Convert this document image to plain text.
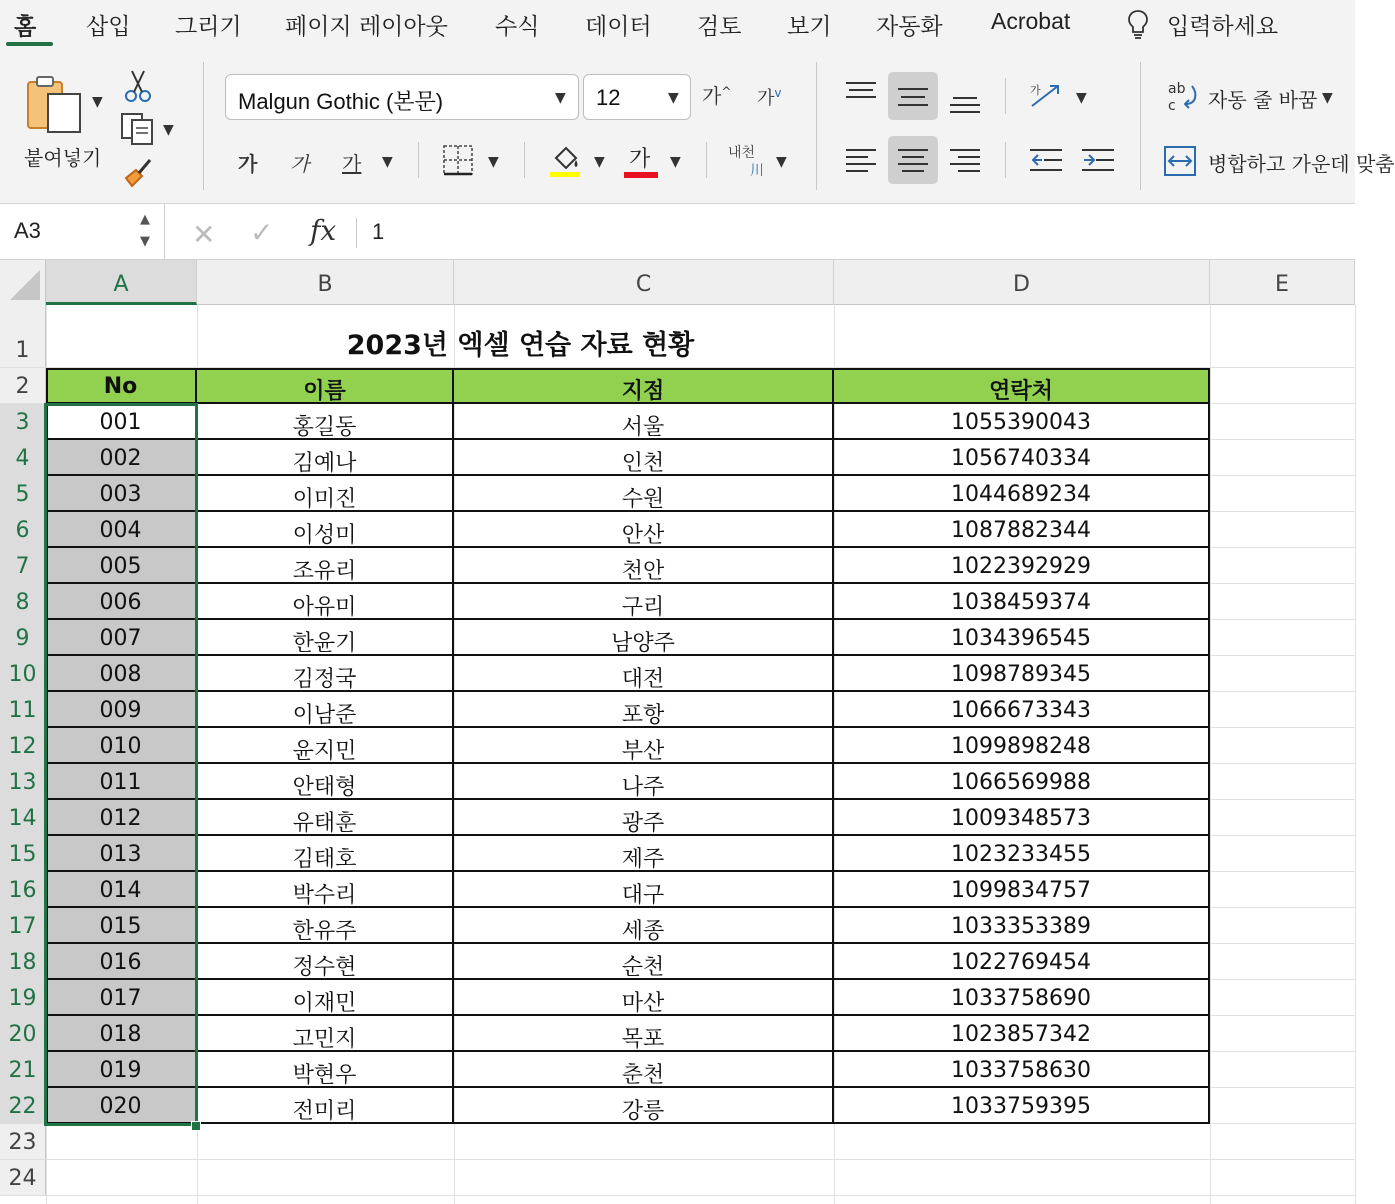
홈 삽입 그리기 페이지 레이아웃 수식 데이터 검토 보기 자동화 Acrobat	입력하세요
▼
붙여넣기
▼
Malgun Gothic (본문)	▼	12	▼ 가^ 가$^v$
가 가 가 ▼	▼	▼ 가 ▼
내천
川
▼
가	▼
ab
c 자동 줄 바꿈 ▼
병합하고 가운데 맞춤
A3	▲
▼ ✕ ✓ fx 1
A	B	C	D	E
1
2
3
4
5
6
7
8
9
10
11
12
13
14
15
16
17
18
19
20
21
22
23
24
2023년 엑셀 연습 자료 현황
No	이름	지점	연락처
001	홍길동	서울	1055390043
002	김예나	인천	1056740334
003	이미진	수원	1044689234
004	이성미	안산	1087882344
005	조유리	천안	1022392929
006	아유미	구리	1038459374
007	한윤기	남양주	1034396545
008	김정국	대전	1098789345
009	이남준	포항	1066673343
010	윤지민	부산	1099898248
011	안태형	나주	1066569988
012	유태훈	광주	1009348573
013	김태호	제주	1023233455
014	박수리	대구	1099834757
015	한유주	세종	1033353389
016	정수현	순천	1022769454
017	이재민	마산	1033758690
018	고민지	목포	1023857342
019	박현우	춘천	1033758630
020	전미리	강릉	1033759395
